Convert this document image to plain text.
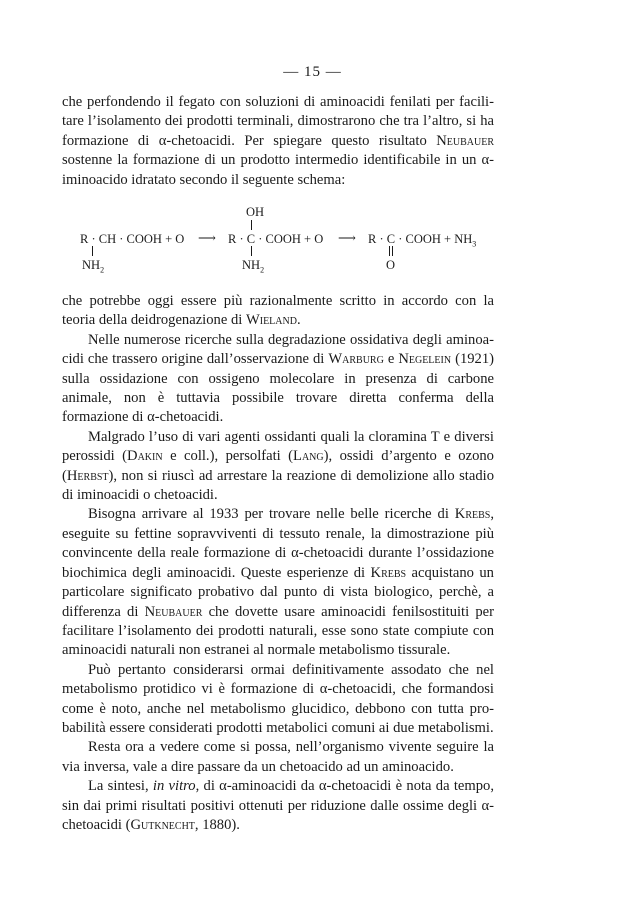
— 15 —

che perfondendo il fegato con soluzioni di aminoacidi fenilati per facilitare l’isolamento dei prodotti terminali, dimostrarono che tra l’altro, si ha formazione di α-chetoacidi. Per spiegare questo risultato Neubauer sostenne la formazione di un prodotto intermedio identificabile in un α-iminoacido idratato secondo il seguente schema:

OH
R · CH · COOH + O ⟶ R · C · COOH + O ⟶ R · C · COOH + $NH_3$
$NH_2$	$NH_2$	O

che potrebbe oggi essere più razionalmente scritto in accordo con la teoria della deidrogenazione di Wieland.

Nelle numerose ricerche sulla degradazione ossidativa degli aminoacidi che trassero origine dall’osservazione di Warburg e Negelein (1921) sulla ossidazione con ossigeno molecolare in presenza di carbone animale, non è tuttavia possibile trovare diretta conferma della formazione di α-chetoacidi.

Malgrado l’uso di vari agenti ossidanti quali la cloramina T e diversi perossidi (Dakin e coll.), persolfati (Lang), ossidi d’argento e ozono (Herbst), non si riuscì ad arrestare la reazione di demolizione allo stadio di iminoacidi o chetoacidi.

Bisogna arrivare al 1933 per trovare nelle belle ricerche di Krebs, eseguite su fettine sopravviventi di tessuto renale, la dimostrazione più convincente della reale formazione di α-chetoacidi durante l’ossidazione biochimica degli aminoacidi. Queste esperienze di Krebs acquistano un particolare significato probativo dal punto di vista biologico, perchè, a differenza di Neubauer che dovette usare aminoacidi fenilsostituiti per facilitare l’isolamento dei prodotti naturali, esse sono state compiute con aminoacidi naturali non estranei al normale metabolismo tissurale.

Può pertanto considerarsi ormai definitivamente assodato che nel metabolismo protidico vi è formazione di α-chetoacidi, che formandosi come è noto, anche nel metabolismo glucidico, debbono con tutta probabilità essere considerati prodotti metabolici comuni ai due metabolismi.

Resta ora a vedere come si possa, nell’organismo vivente seguire la via inversa, vale a dire passare da un chetoacido ad un aminoacido.

La sintesi, in vitro, di α-aminoacidi da α-chetoacidi è nota da tempo, sin dai primi risultati positivi ottenuti per riduzione dalle ossime degli α-chetoacidi (Gutknecht, 1880).
